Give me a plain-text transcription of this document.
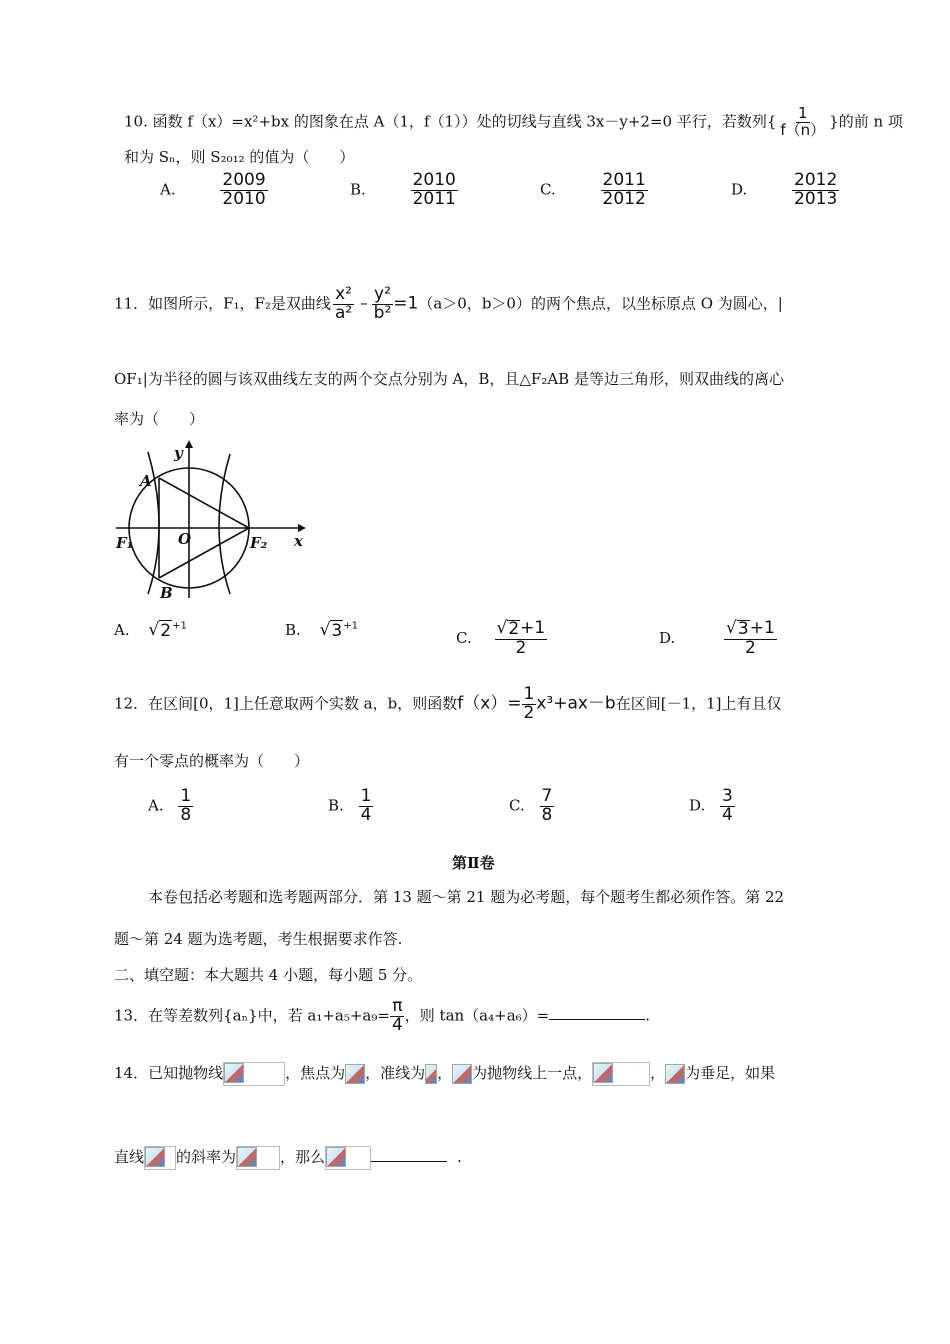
10. 函数 f（x）=x²+bx 的图象在点 A（1，f（1））处的切线与直线 3x－y+2=0 平行，若数列{ $\frac{1}{f(n)}$ }的前 n 项
和为 Sₙ，则 S₂₀₁₂ 的值为（　　）
A.	$\frac{2009}{2010}$	B.	$\frac{2010}{2011}$	C.	$\frac{2011}{2012}$	D.	$\frac{2012}{2013}$
11．如图所示，F₁，F₂是双曲线 $\frac{\text{x²}}{\text{a²}} - \frac{\text{y²}}{\text{b²}} =1(a>0$，b＞0）的两个焦点，以坐标原点 O 为圆心，|
OF₁|为半径的圆与该双曲线左支的两个交点分别为 A，B，且△F₂AB 是等边三角形，则双曲线的离心
率为（　　）
A
B
O
F₁	F₂ x
y
A. √ 2 $^{+1}$	B. √ 3 $^{+1}$
C. $\frac{√ 2 +1}{2}$	D.	$\frac{√ 3 +1}{2}$
12．在区间[0，1]上任意取两个实数 a，b，则函数$f(x)= \frac{1}{2} x^3+ax-b$在区间[－1，1]上有且仅
有一个零点的概率为（　　）
A. $\frac{1}{8}$	B. $\frac{1}{4}$	C. $\frac{7}{8}$	D. $\frac{3}{4}$
第Ⅱ卷
本卷包括必考题和选考题两部分．第 13 题～第 21 题为必考题，每个题考生都必须作答。第 22
题～第 24 题为选考题，考生根据要求作答.
二、填空题：本大题共 4 小题，每小题 5 分。
13．在等差数列{aₙ}中，若 $a_1+a_5+a_9= \frac{\pi}{4}$ ，则 tan（a₄+a₆）=	.
14．已知抛物线	，焦点为 ，准线为 ， 为抛物线上一点，	， 为垂足，如果
直线 的斜率为	，那么	.
